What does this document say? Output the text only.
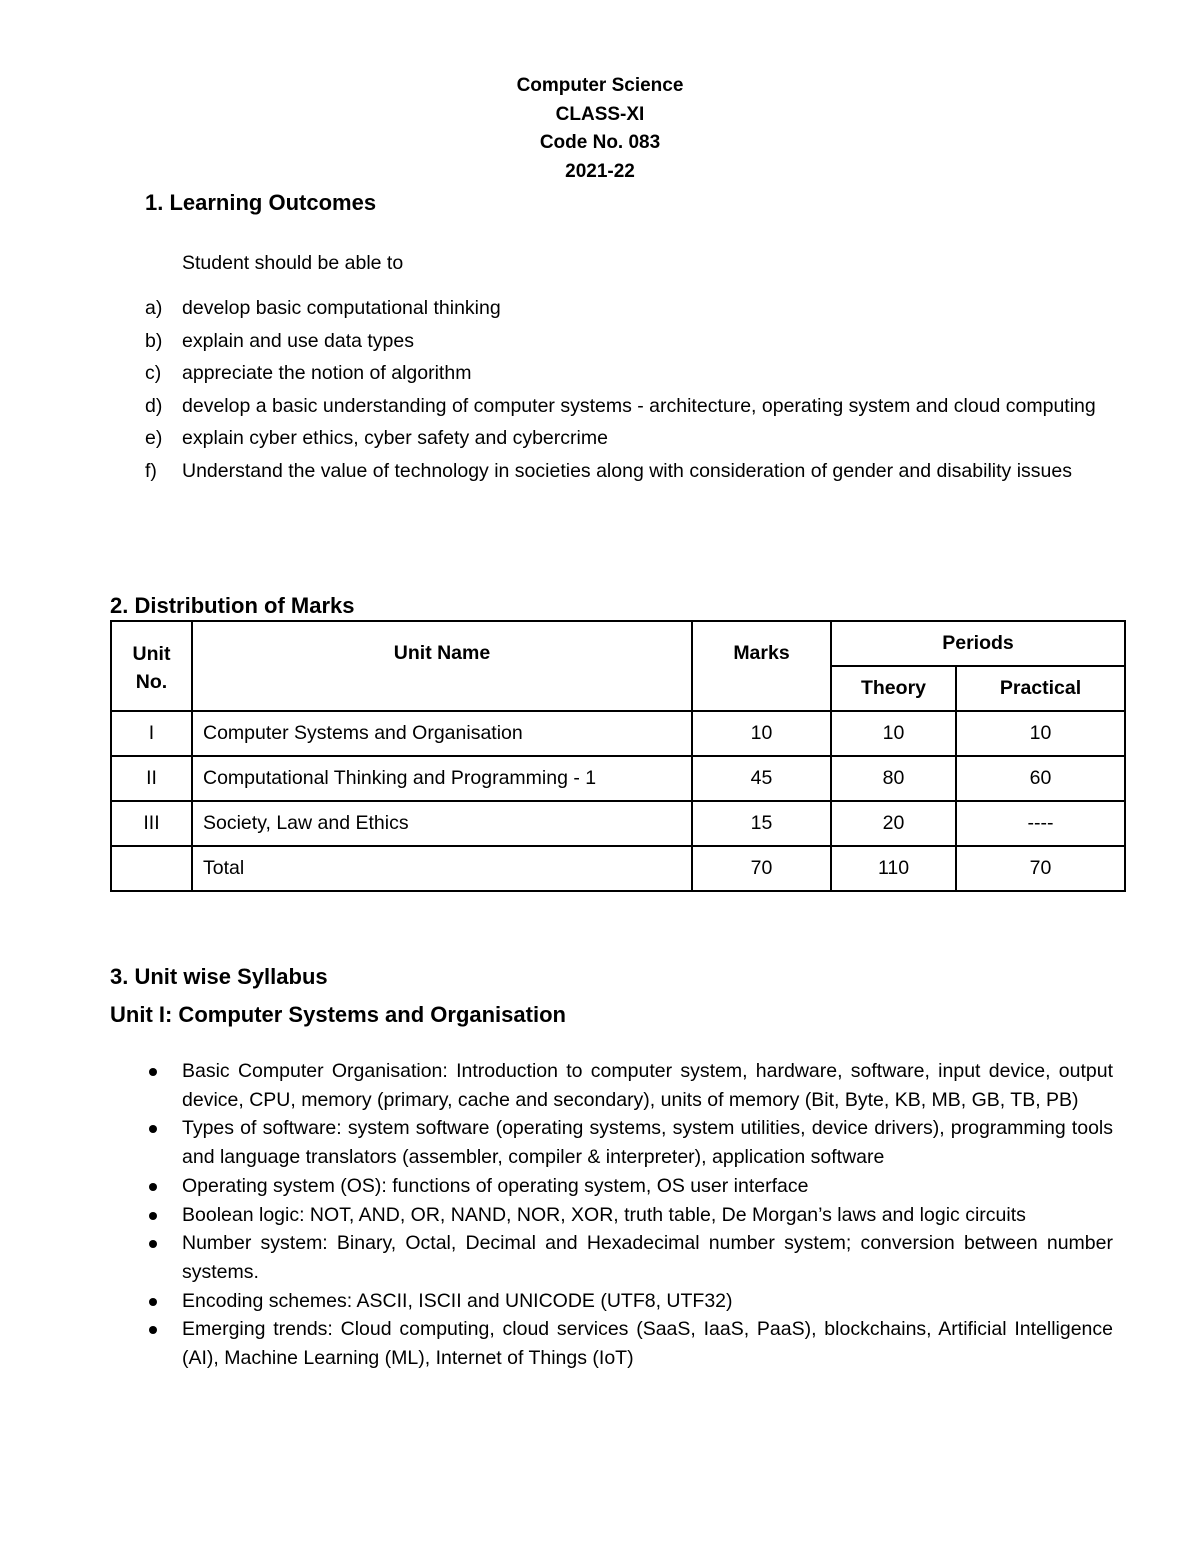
Computer Science
CLASS-XI
Code No. 083
2021-22
1. Learning Outcomes
Student should be able to
a) develop basic computational thinking
b) explain and use data types
c) appreciate the notion of algorithm
d) develop a basic understanding of computer systems - architecture, operating system and cloud computing
e) explain cyber ethics, cyber safety and cybercrime
f) Understand the value of technology in societies along with consideration of gender and disability issues
2. Distribution of Marks
Unit
No.	Unit Name	Marks	Periods	
			Theory	Practical
I	Computer Systems and Organisation	10	10	10
II	Computational Thinking and Programming - 1	45	80	60
III	Society, Law and Ethics	15	20	----
	Total	70	110	70
3. Unit wise Syllabus
Unit I: Computer Systems and Organisation
Basic Computer Organisation: Introduction to computer system, hardware, software, input device, output device, CPU, memory (primary, cache and secondary), units of memory (Bit, Byte, KB, MB, GB, TB, PB)
Types of software: system software (operating systems, system utilities, device drivers), programming tools and language translators (assembler, compiler & interpreter), application software
Operating system (OS): functions of operating system, OS user interface
Boolean logic: NOT, AND, OR, NAND, NOR, XOR, truth table, De Morgan’s laws and logic circuits
Number system: Binary, Octal, Decimal and Hexadecimal number system; conversion between number systems.
Encoding schemes: ASCII, ISCII and UNICODE (UTF8, UTF32)
Emerging trends: Cloud computing, cloud services (SaaS, IaaS, PaaS), blockchains, Artificial Intelligence (AI), Machine Learning (ML), Internet of Things (IoT)
